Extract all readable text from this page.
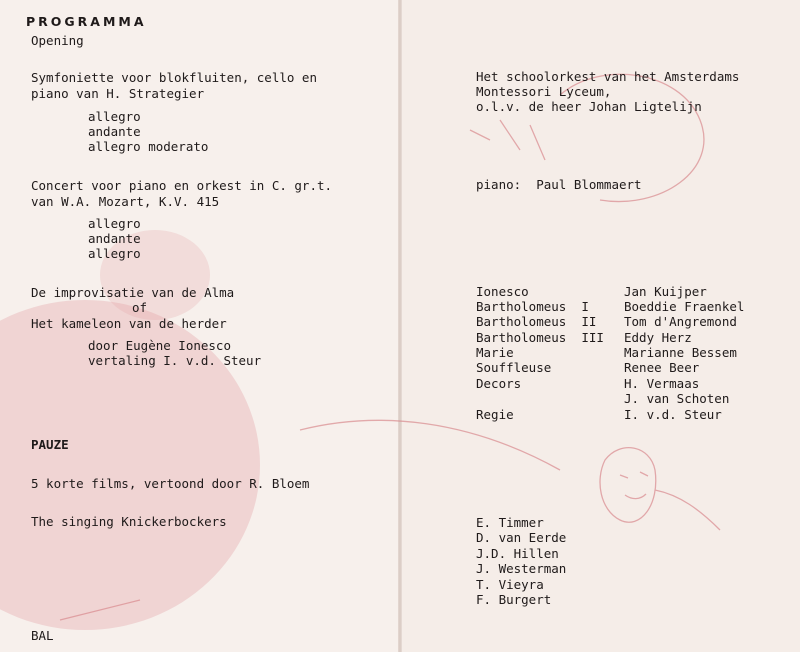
PROGRAMMA
Opening
Symfoniette voor blokfluiten, cello en
piano van H. Strategier
allegro
andante
allegro moderato
Concert voor piano en orkest in C. gr.t.
van W.A. Mozart, K.V. 415
allegro
andante
allegro
De improvisatie van de Alma
of
Het kameleon van de herder
door Eugène Ionesco
vertaling I. v.d. Steur
PAUZE
5 korte films, vertoond door R. Bloem
The singing Knickerbockers
BAL
Het schoolorkest van het Amsterdams
Montessori Lyceum,
o.l.v. de heer Johan Ligtelijn
piano:  Paul Blommaert
Ionesco	Jan Kuijper
Bartholomeus  I	Boeddie Fraenkel
Bartholomeus  II Tom d'Angremond
Bartholomeus  III Eddy Herz
Marie	Marianne Bessem
Souffleuse	Renee Beer
Decors	H. Vermaas
J. van Schoten
Regie	I. v.d. Steur
E. Timmer
D. van Eerde
J.D. Hillen
J. Westerman
T. Vieyra
F. Burgert
